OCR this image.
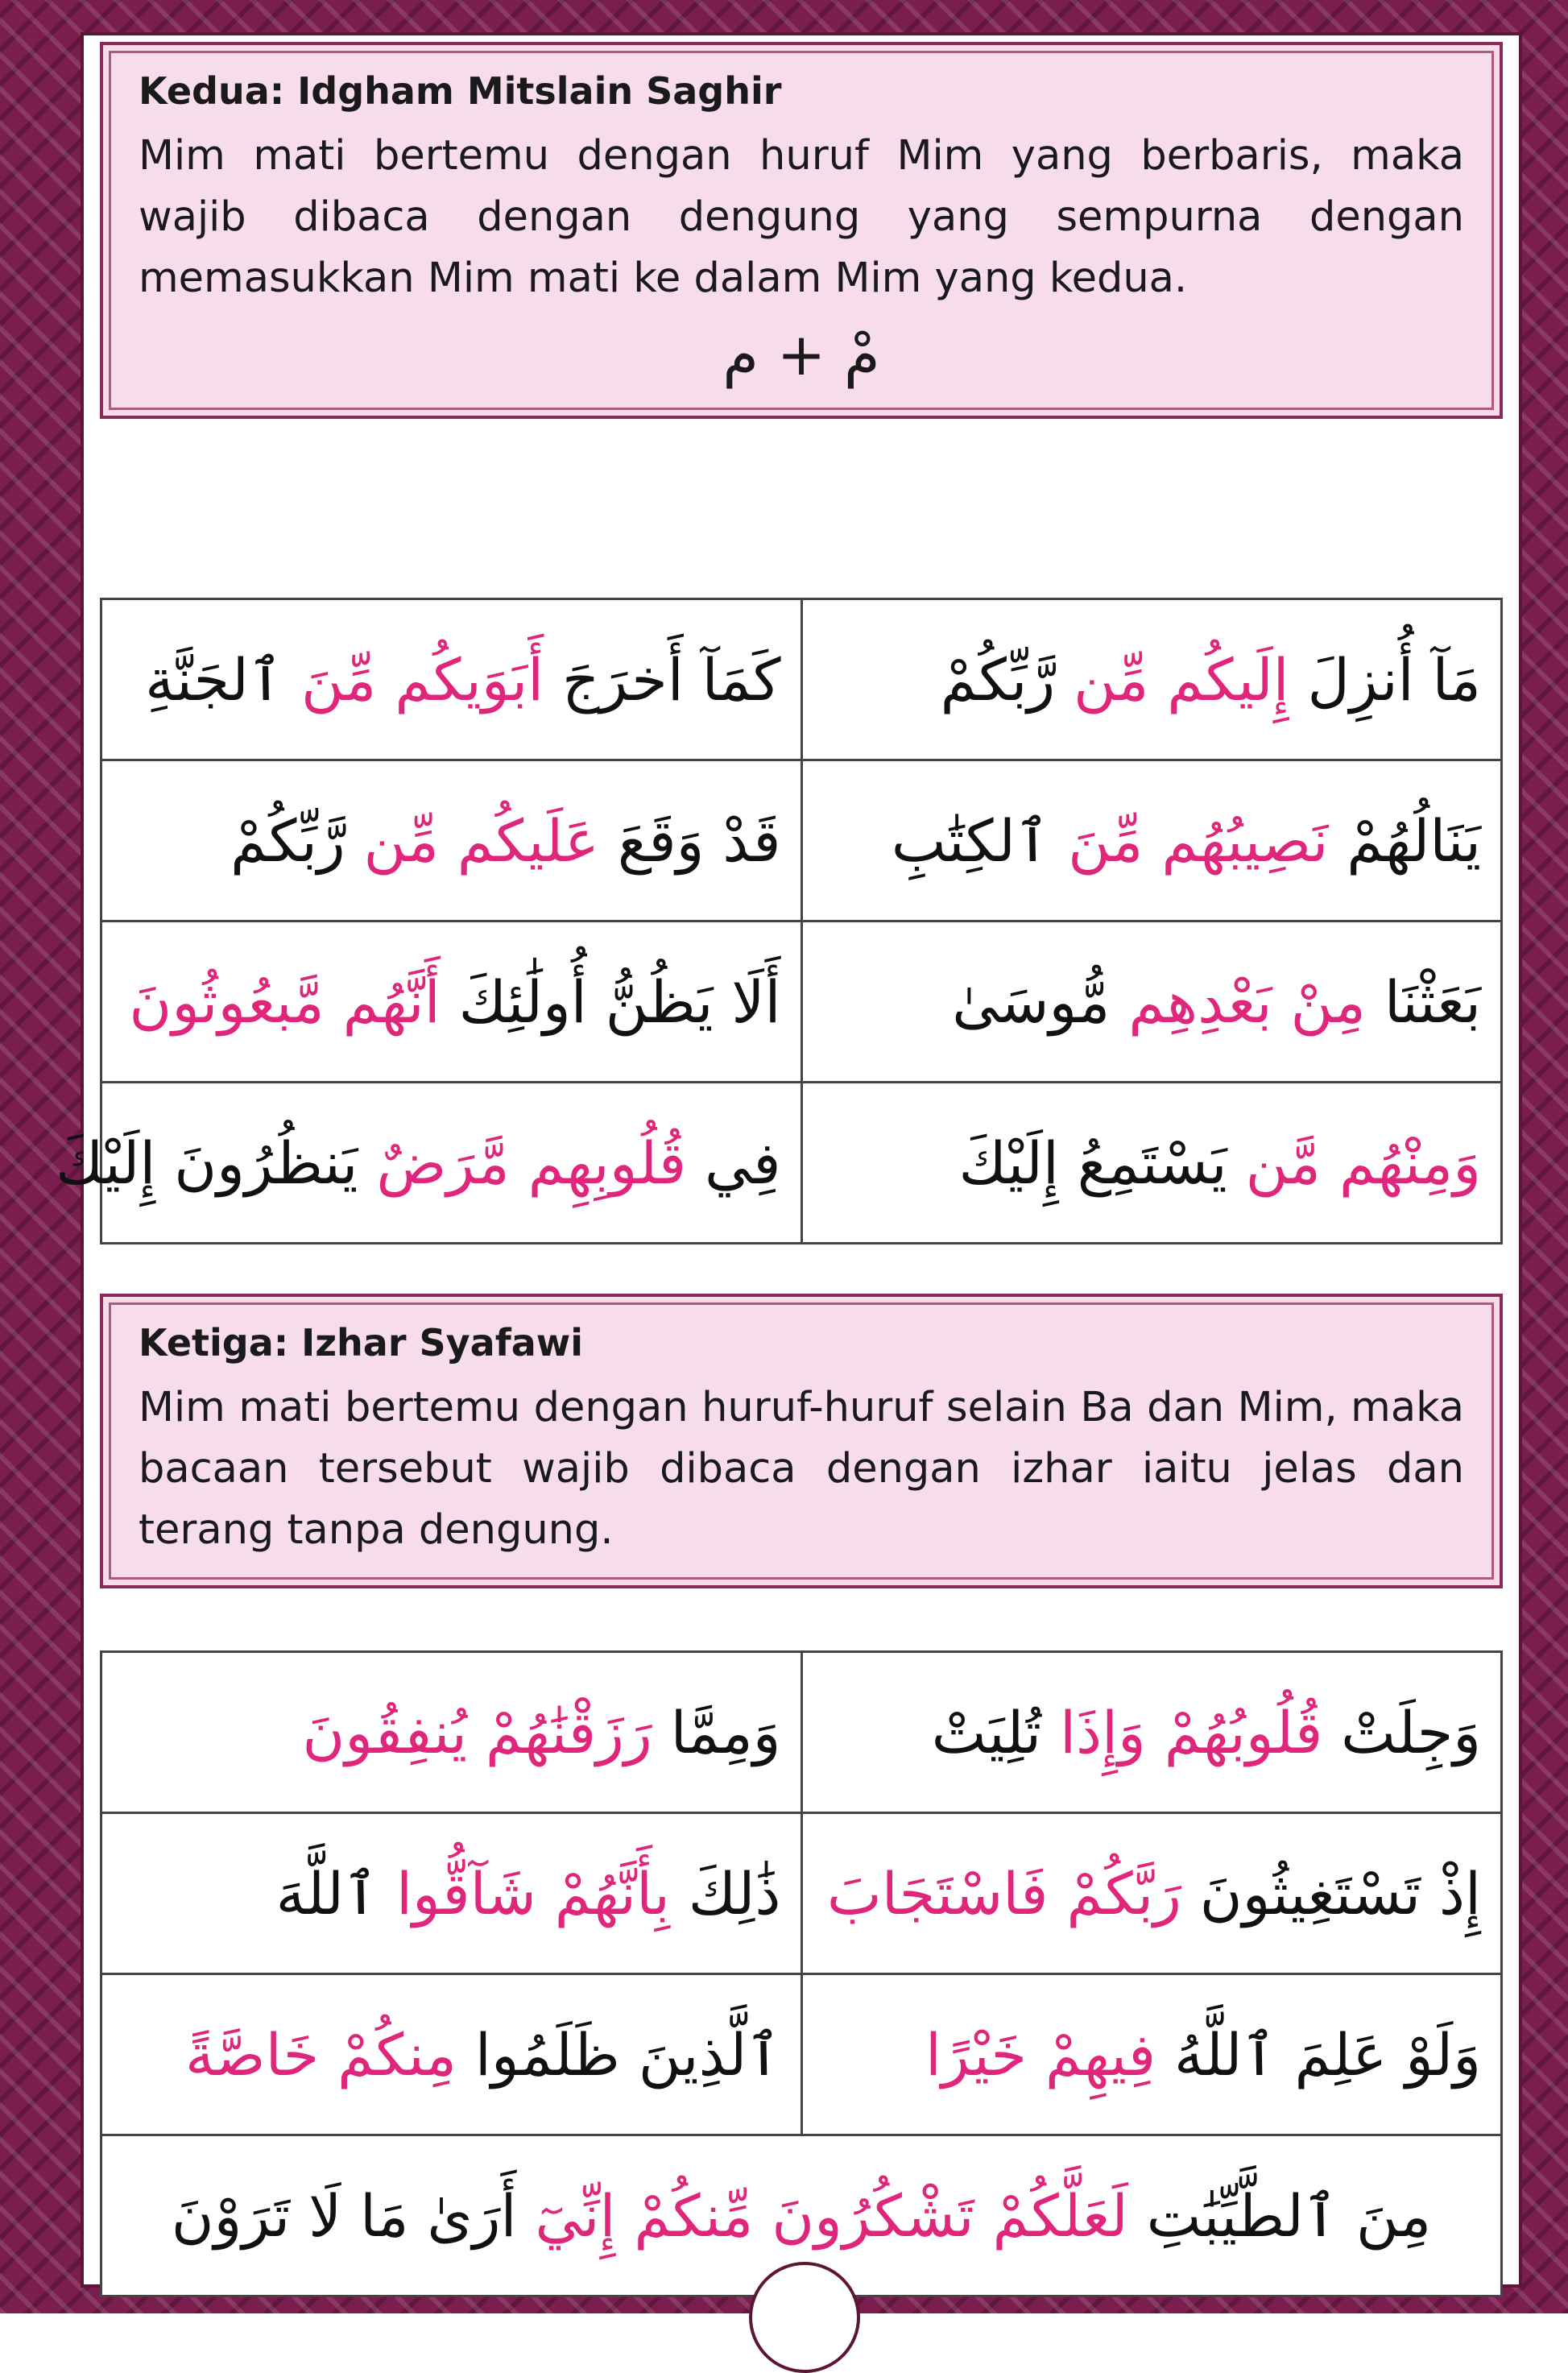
Kedua: Idgham Mitslain Saghir

Mim mati bertemu dengan huruf Mim yang berbaris, maka wajib dibaca dengan dengung yang sempurna dengan memasukkan Mim mati ke dalam Mim yang kedua.

مْ + م
كَمَآ أَخرَجَ أَبَوَيكُم مِّنَ ٱلجَنَّةِ	مَآ أُنزِلَ إِلَيكُم مِّن رَّبِّكُمْ
قَدْ وَقَعَ عَلَيكُم مِّن رَّبِّكُمْ	يَنَالُهُمْ نَصِيبُهُم مِّنَ ٱلكِتَٰبِ
أَلَا يَظُنُّ أُولَٰئِكَ أَنَّهُم مَّبعُوثُونَ	بَعَثْنَا مِنْ بَعْدِهِم مُّوسَىٰ
فِي قُلُوبِهِم مَّرَضٌ يَنظُرُونَ إِلَيْكَ	وَمِنْهُم مَّن يَسْتَمِعُ إِلَيْكَ
Ketiga: Izhar Syafawi

Mim mati bertemu dengan huruf-huruf selain Ba dan Mim, maka bacaan tersebut wajib dibaca dengan izhar iaitu jelas dan terang tanpa dengung.

وَمِمَّا رَزَقْنَٰهُمْ يُنفِقُونَ	وَجِلَتْ قُلُوبُهُمْ وَإِذَا تُلِيَتْ
ذَٰلِكَ بِأَنَّهُمْ شَآقُّوا ٱللَّهَ	إِذْ تَسْتَغِيثُونَ رَبَّكُمْ فَاسْتَجَابَ
ٱلَّذِينَ ظَلَمُوا مِنكُمْ خَاصَّةً	وَلَوْ عَلِمَ ٱللَّهُ فِيهِمْ خَيْرًا
مِنَ ٱلطَّيِّبَٰتِ لَعَلَّكُمْ تَشْكُرُونَ مِّنكُمْ إِنِّيٓ أَرَىٰ مَا لَا تَرَوْنَ	
